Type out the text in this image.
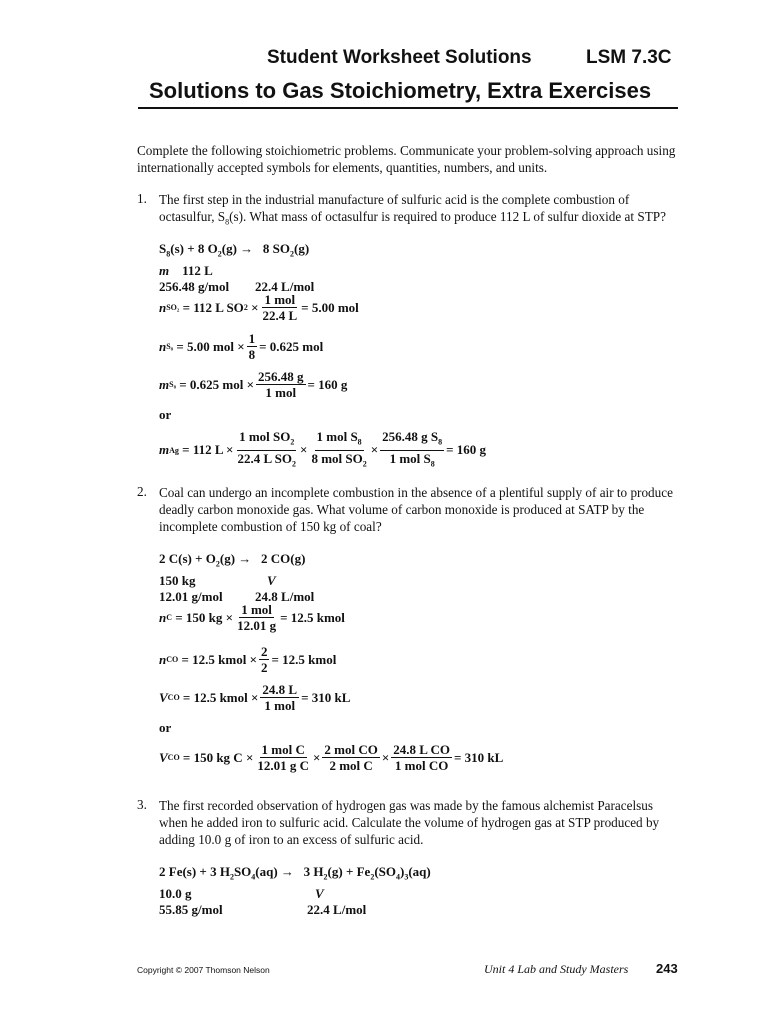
Student Worksheet Solutions	LSM 7.3C
Solutions to Gas Stoichiometry, Extra Exercises
Complete the following stoichiometric problems. Communicate your problem-solving approach using internationally accepted symbols for elements, quantities, numbers, and units.
1. The first step in the industrial manufacture of sulfuric acid is the complete combustion of octasulfur, $S_8(s)$. What mass of octasulfur is required to produce 112 L of sulfur dioxide at STP?
$S_8(s) + 8$ $O_2(g) \to 8$ $SO_2(g)$
m    112 L
256.48 g/mol        22.4 L/mol
n SO₂ = 112 L SO $2 \times \frac{\text{1 mol}}{22.4 L} = 5.00$ mol
n S₈ = 5.00 mol × $\frac{1}{8} = 0.625$ mol
m S₈ = 0.625 mol × $\frac{256.48 g}{\text{1 mol}} = 160$ g
or
m Ag = 112 $L \times \frac{1 mol SO_2}{22.4 L SO_2} \times \frac{1 mol S_8}{8 mol SO_2} \times \frac{256.48 g S_8}{1 mol S_8} = 160$ g
2. Coal can undergo an incomplete combustion in the absence of a plentiful supply of air to produce deadly carbon monoxide gas. What volume of carbon monoxide is produced at SATP by the incomplete combustion of 150 kg of coal?
2 $C(s) + O_2(g) \to 2$ CO(g)
150 kg                      V
12.01 g/mol          24.8 L/mol
n C = 150 kg × $\frac{\text{1 mol}}{12.01 g} = 12.5$ kmol
n CO = 12.5 kmol × $\frac{2}{2} = 12.5$ kmol
V CO = 12.5 kmol × $\frac{24.8 L}{\text{1 mol}} = 310$ kL
or
V CO = 150 kg $C \times \frac{\text{1 mol C}}{\text{12.01 g C}} \times \frac{\text{2 mol CO}}{\text{2 mol C}} \times \frac{\text{24.8 L CO}}{\text{1 mol CO}} = 310$ kL
3. The first recorded observation of hydrogen gas was made by the famous alchemist Paracelsus when he added iron to sulfuric acid. Calculate the volume of hydrogen gas at STP produced by adding 10.0 g of iron to an excess of sulfuric acid.
2 Fe(s) + 3 $H_2SO_4(aq) \to 3$ $H_2(g) + Fe_2(SO_4)_3(aq)$
10.0 g                                      V
55.85 g/mol                          22.4 L/mol
Copyright © 2007 Thomson Nelson	Unit 4 Lab and Study Masters 243
